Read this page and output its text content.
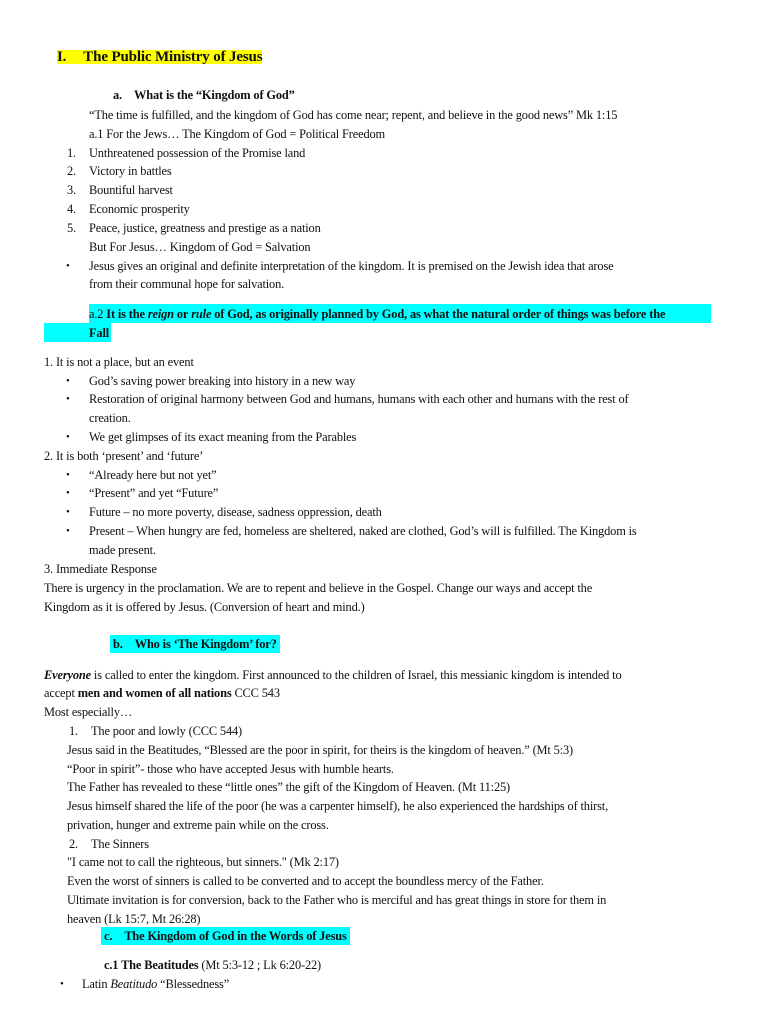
I. The Public Ministry of Jesus
a. What is the “Kingdom of God”
“The time is fulfilled, and the kingdom of God has come near; repent, and believe in the good news” Mk 1:15
a.1 For the Jews… The Kingdom of God = Political Freedom
1. Unthreatened possession of the Promise land
2. Victory in battles
3. Bountiful harvest
4. Economic prosperity
5. Peace, justice, greatness and prestige as a nation
But For Jesus… Kingdom of God = Salvation
• Jesus gives an original and definite interpretation of the kingdom. It is premised on the Jewish idea that arose
from their communal hope for salvation.
a.2 It is the reign or rule of God, as originally planned by God, as what the natural order of things was before the
Fall
1. It is not a place, but an event
• God’s saving power breaking into history in a new way
• Restoration of original harmony between God and humans, humans with each other and humans with the rest of
creation.
• We get glimpses of its exact meaning from the Parables
2. It is both ‘present’ and ‘future’
• “Already here but not yet”
• “Present” and yet “Future”
• Future – no more poverty, disease, sadness oppression, death
• Present – When hungry are fed, homeless are sheltered, naked are clothed, God’s will is fulfilled. The Kingdom is
made present.
3. Immediate Response
There is urgency in the proclamation. We are to repent and believe in the Gospel. Change our ways and accept the
Kingdom as it is offered by Jesus. (Conversion of heart and mind.)
b. Who is ‘The Kingdom’ for?
Everyone is called to enter the kingdom. First announced to the children of Israel, this messianic kingdom is intended to
accept men and women of all nations CCC 543
Most especially…
1. The poor and lowly (CCC 544)
Jesus said in the Beatitudes, “Blessed are the poor in spirit, for theirs is the kingdom of heaven.” (Mt 5:3)
“Poor in spirit”- those who have accepted Jesus with humble hearts.
The Father has revealed to these “little ones” the gift of the Kingdom of Heaven. (Mt 11:25)
Jesus himself shared the life of the poor (he was a carpenter himself), he also experienced the hardships of thirst,
privation, hunger and extreme pain while on the cross.
2. The Sinners
"I came not to call the righteous, but sinners." (Mk 2:17)
Even the worst of sinners is called to be converted and to accept the boundless mercy of the Father.
Ultimate invitation is for conversion, back to the Father who is merciful and has great things in store for them in
heaven (Lk 15:7, Mt 26:28)
c. The Kingdom of God in the Words of Jesus
c.1 The Beatitudes (Mt 5:3-12 ; Lk 6:20-22)
• Latin Beatitudo “Blessedness”
